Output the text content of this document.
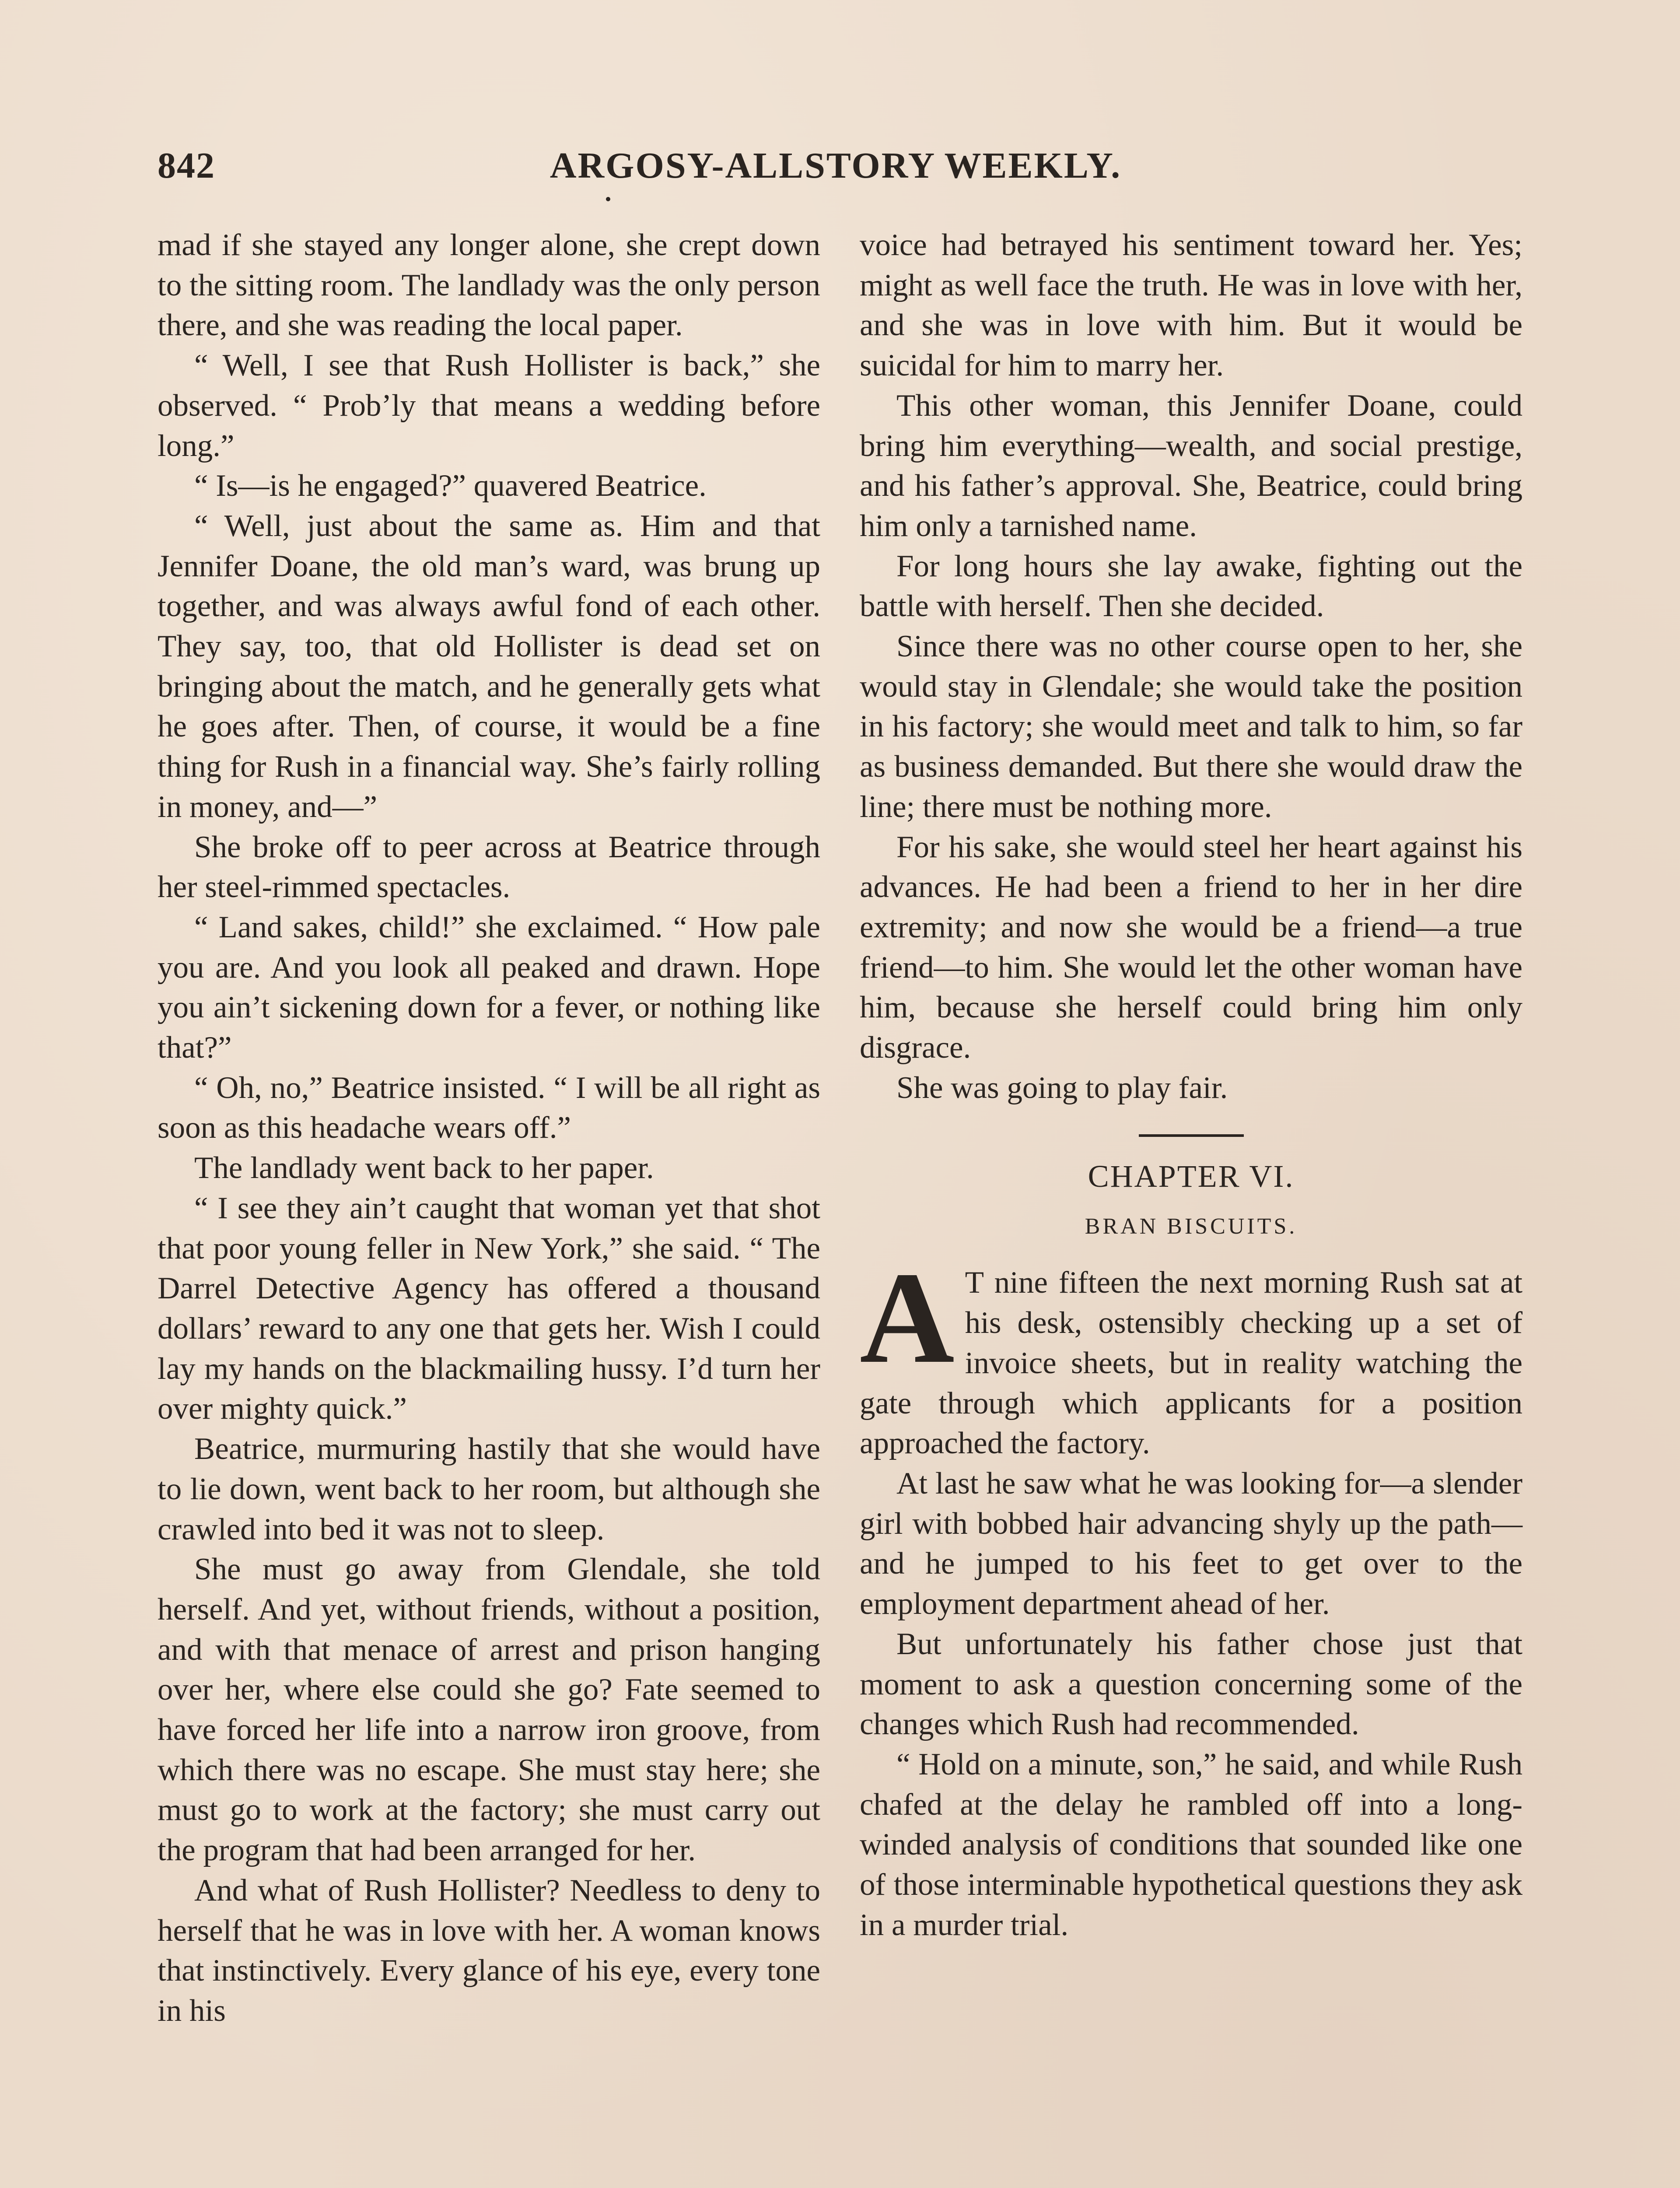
842	ARGOSY-ALLSTORY WEEKLY.

mad if she stayed any longer alone, she crept down to the sitting room. The landlady was the only person there, and she was reading the local paper.

“ Well, I see that Rush Hollister is back,” she observed. “ Prob’ly that means a wedding before long.”

“ Is—is he engaged?” quavered Beatrice.

“ Well, just about the same as. Him and that Jennifer Doane, the old man’s ward, was brung up together, and was always awful fond of each other. They say, too, that old Hollister is dead set on bringing about the match, and he generally gets what he goes after. Then, of course, it would be a fine thing for Rush in a financial way. She’s fairly rolling in money, and—”

She broke off to peer across at Beatrice through her steel-rimmed spectacles.

“ Land sakes, child!” she exclaimed. “ How pale you are. And you look all peaked and drawn. Hope you ain’t sickening down for a fever, or nothing like that?”

“ Oh, no,” Beatrice insisted. “ I will be all right as soon as this headache wears off.”

The landlady went back to her paper.

“ I see they ain’t caught that woman yet that shot that poor young feller in New York,” she said. “ The Darrel Detective Agency has offered a thousand dollars’ reward to any one that gets her. Wish I could lay my hands on the blackmailing hussy. I’d turn her over mighty quick.”

Beatrice, murmuring hastily that she would have to lie down, went back to her room, but although she crawled into bed it was not to sleep.

She must go away from Glendale, she told herself. And yet, without friends, without a position, and with that menace of arrest and prison hanging over her, where else could she go? Fate seemed to have forced her life into a narrow iron groove, from which there was no escape. She must stay here; she must go to work at the factory; she must carry out the program that had been arranged for her.

And what of Rush Hollister? Needless to deny to herself that he was in love with her. A woman knows that instinctively. Every glance of his eye, every tone in his

voice had betrayed his sentiment toward her. Yes; might as well face the truth. He was in love with her, and she was in love with him. But it would be suicidal for him to marry her.

This other woman, this Jennifer Doane, could bring him everything—wealth, and social prestige, and his father’s approval. She, Beatrice, could bring him only a tarnished name.

For long hours she lay awake, fighting out the battle with herself. Then she decided.

Since there was no other course open to her, she would stay in Glendale; she would take the position in his factory; she would meet and talk to him, so far as business demanded. But there she would draw the line; there must be nothing more.

For his sake, she would steel her heart against his advances. He had been a friend to her in her dire extremity; and now she would be a friend—a true friend—to him. She would let the other woman have him, because she herself could bring him only disgrace.

She was going to play fair.

CHAPTER VI.
BRAN BISCUITS.

A T nine fifteen the next morning Rush sat at his desk, ostensibly checking up a set of invoice sheets, but in reality watching the gate through which applicants for a position approached the factory.

At last he saw what he was looking for—a slender girl with bobbed hair advancing shyly up the path—and he jumped to his feet to get over to the employment department ahead of her.

But unfortunately his father chose just that moment to ask a question concerning some of the changes which Rush had recommended.

“ Hold on a minute, son,” he said, and while Rush chafed at the delay he rambled off into a long-winded analysis of conditions that sounded like one of those interminable hypothetical questions they ask in a murder trial.
